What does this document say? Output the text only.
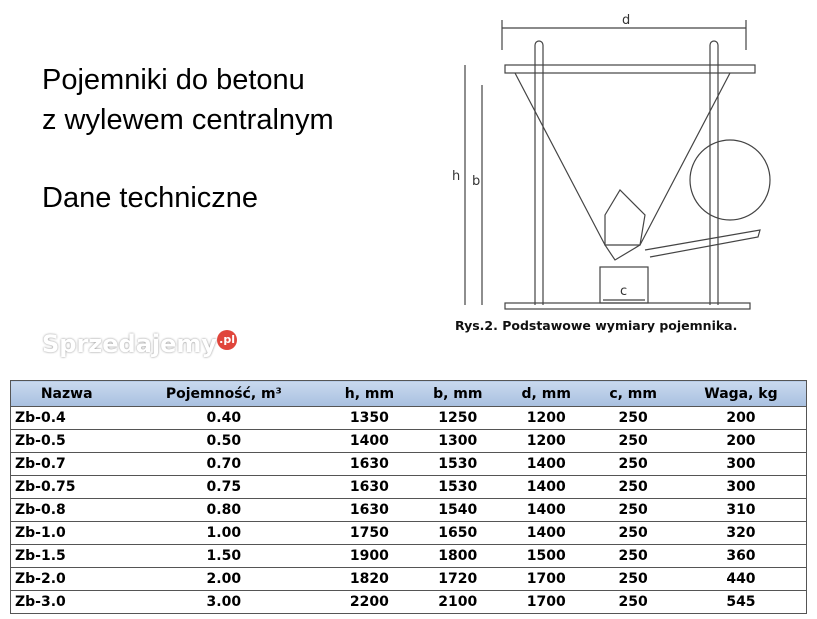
Pojemniki do betonu
z wylewem centralnym
Dane techniczne
d
h b
c
Rys.2. Podstawowe wymiary pojemnika.
Nazwa	Pojemność, m³	h, mm	b, mm	d, mm	c, mm	Waga, kg
Zb-0.4	0.40	1350	1250	1200	250	200
Zb-0.5	0.50	1400	1300	1200	250	200
Zb-0.7	0.70	1630	1530	1400	250	300
Zb-0.75	0.75	1630	1530	1400	250	300
Zb-0.8	0.80	1630	1540	1400	250	310
Zb-1.0	1.00	1750	1650	1400	250	320
Zb-1.5	1.50	1900	1800	1500	250	360
Zb-2.0	2.00	1820	1720	1700	250	440
Zb-3.0	3.00	2200	2100	1700	250	545
Sprzedajemy .pl
